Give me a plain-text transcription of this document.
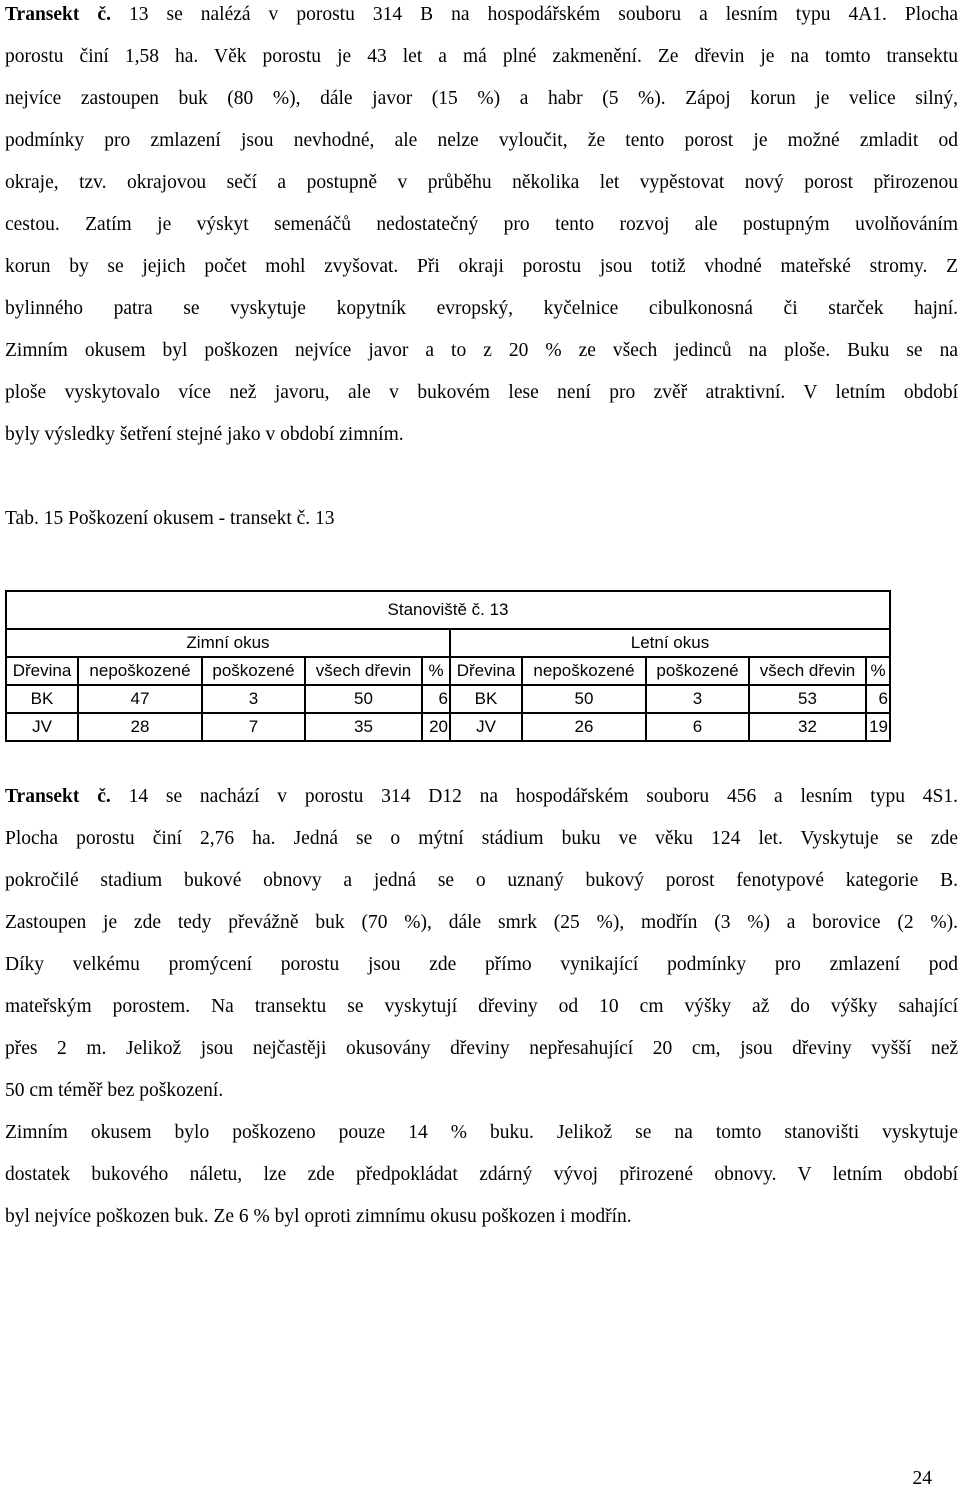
Transekt č. 13 se nalézá v porostu 314 B na hospodářském souboru a lesním typu 4A1. Plocha
porostu činí 1,58 ha. Věk porostu je 43 let a má plné zakmenění. Ze dřevin je na tomto transektu
nejvíce zastoupen buk (80 %), dále javor (15 %) a habr (5 %). Zápoj korun je velice silný,
podmínky pro zmlazení jsou nevhodné, ale nelze vyloučit, že tento porost je možné zmladit od
okraje, tzv. okrajovou sečí a postupně v průběhu několika let vypěstovat nový porost přirozenou
cestou. Zatím je výskyt semenáčů nedostatečný pro tento rozvoj ale postupným uvolňováním
korun by se jejich počet mohl zvyšovat. Při okraji porostu jsou totiž vhodné mateřské stromy. Z
bylinného patra se vyskytuje kopytník evropský, kyčelnice cibulkonosná či starček hajní.
Zimním okusem byl poškozen nejvíce javor a to z 20 % ze všech jedinců na ploše. Buku se na
ploše vyskytovalo více než javoru, ale v bukovém lese není pro zvěř atraktivní. V letním období
byly výsledky šetření stejné jako v období zimním.
Tab. 15 Poškození okusem - transekt č. 13
Stanoviště č. 13									
Zimní okus					Letní okus				
Dřevina	nepoškozené	poškozené	všech dřevin	%	Dřevina	nepoškozené	poškozené	všech dřevin	%
BK	47	3	50	6	BK	50	3	53	6
JV	28	7	35	20	JV	26	6	32	19
Transekt č. 14 se nachází v porostu 314 D12 na hospodářském souboru 456 a lesním typu 4S1.
Plocha porostu činí 2,76 ha. Jedná se o mýtní stádium buku ve věku 124 let. Vyskytuje se zde
pokročilé stadium bukové obnovy a jedná se o uznaný bukový porost fenotypové kategorie B.
Zastoupen je zde tedy převážně buk (70 %), dále smrk (25 %), modřín (3 %) a borovice (2 %).
Díky velkému promýcení porostu jsou zde přímo vynikající podmínky pro zmlazení pod
mateřským porostem. Na transektu se vyskytují dřeviny od 10 cm výšky až do výšky sahající
přes 2 m. Jelikož jsou nejčastěji okusovány dřeviny nepřesahující 20 cm, jsou dřeviny vyšší než
50 cm téměř bez poškození.
Zimním okusem bylo poškozeno pouze 14 % buku. Jelikož se na tomto stanovišti vyskytuje
dostatek bukového náletu, lze zde předpokládat zdárný vývoj přirozené obnovy. V letním období
byl nejvíce poškozen buk. Ze 6 % byl oproti zimnímu okusu poškozen i modřín.
24
